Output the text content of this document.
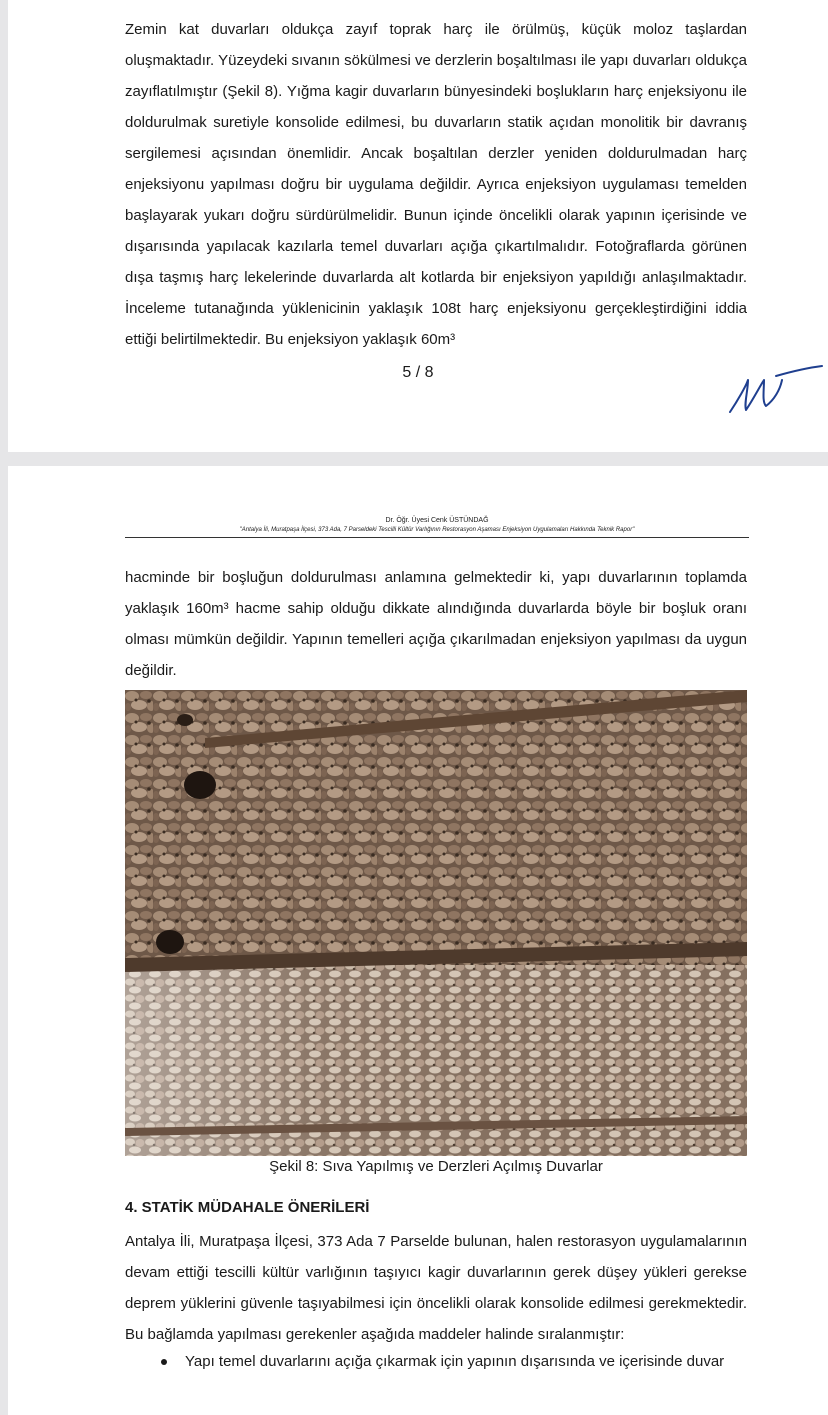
Zemin kat duvarları oldukça zayıf toprak harç ile örülmüş, küçük moloz taşlardan oluşmaktadır. Yüzeydeki sıvanın sökülmesi ve derzlerin boşaltılması ile yapı duvarları oldukça zayıflatılmıştır (Şekil 8). Yığma kagir duvarların bünyesindeki boşlukların harç enjeksiyonu ile doldurulmak suretiyle konsolide edilmesi, bu duvarların statik açıdan monolitik bir davranış sergilemesi açısından önemlidir. Ancak boşaltılan derzler yeniden doldurulmadan harç enjeksiyonu yapılması doğru bir uygulama değildir. Ayrıca enjeksiyon uygulaması temelden başlayarak yukarı doğru sürdürülmelidir. Bunun içinde öncelikli olarak yapının içerisinde ve dışarısında yapılacak kazılarla temel duvarları açığa çıkartılmalıdır. Fotoğraflarda görünen dışa taşmış harç lekelerinde duvarlarda alt kotlarda bir enjeksiyon yapıldığı anlaşılmaktadır. İnceleme tutanağında yüklenicinin yaklaşık 108t harç enjeksiyonu gerçekleştirdiğini iddia ettiği belirtilmektedir. Bu enjeksiyon yaklaşık 60m³

5 / 8
Dr. Öğr. Üyesi Cenk ÜSTÜNDAĞ
"Antalya İli, Muratpaşa İlçesi, 373 Ada, 7 Parseldeki Tescilli Kültür Varlığının Restorasyon Aşaması Enjeksiyon Uygulamaları Hakkında Teknik Rapor"

hacminde bir boşluğun doldurulması anlamına gelmektedir ki, yapı duvarlarının toplamda yaklaşık 160m³ hacme sahip olduğu dikkate alındığında duvarlarda böyle bir boşluk oranı olması mümkün değildir. Yapının temelleri açığa çıkarılmadan enjeksiyon yapılması da uygun değildir.

Şekil 8: Sıva Yapılmış ve Derzleri Açılmış Duvarlar
4. STATİK MÜDAHALE ÖNERİLERİ

Antalya İli, Muratpaşa İlçesi, 373 Ada 7 Parselde bulunan, halen restorasyon uygulamalarının devam ettiği tescilli kültür varlığının taşıyıcı kagir duvarlarının gerek düşey yükleri gerekse deprem yüklerini güvenle taşıyabilmesi için öncelikli olarak konsolide edilmesi gerekmektedir. Bu bağlamda yapılması gerekenler aşağıda maddeler halinde sıralanmıştır:

Yapı temel duvarlarını açığa çıkarmak için yapının dışarısında ve içerisinde duvar
